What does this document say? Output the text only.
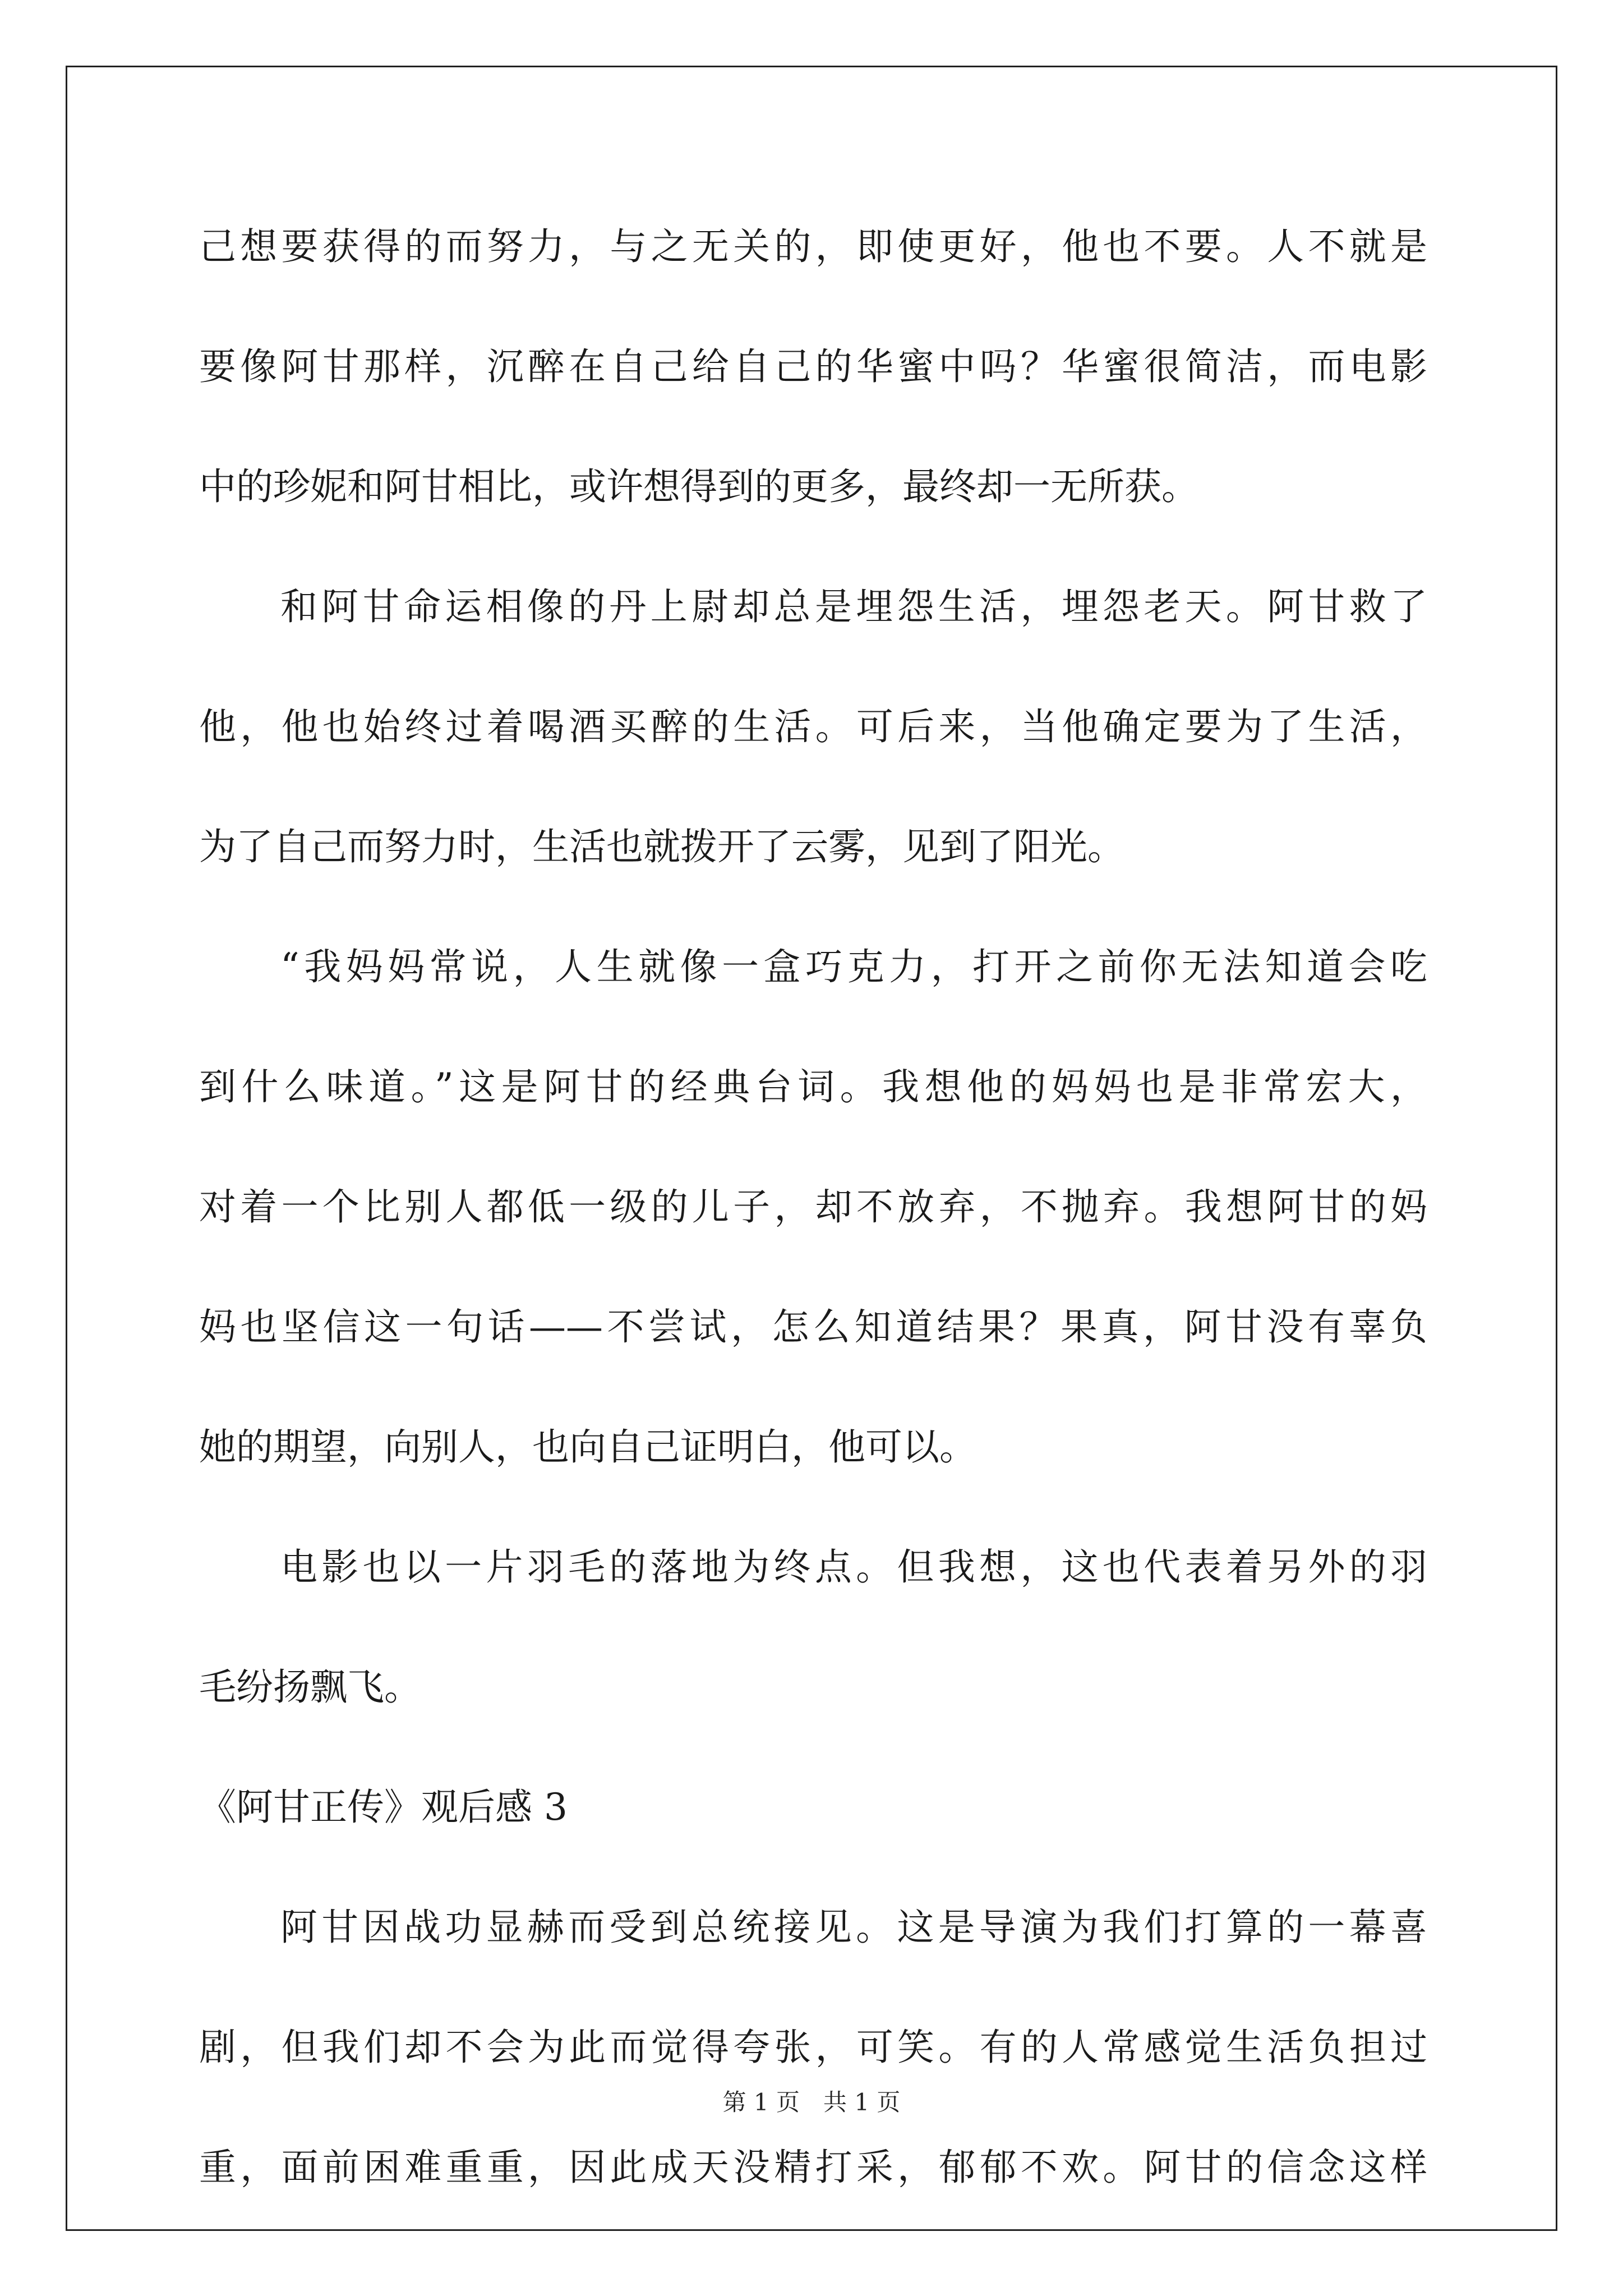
己想要获得的而努力，与之无关的，即使更好，他也不要。人不就是
要像阿甘那样，沉醉在自己给自己的华蜜中吗？华蜜很简洁，而电影
中的珍妮和阿甘相比，或许想得到的更多，最终却一无所获。
和阿甘命运相像的丹上尉却总是埋怨生活，埋怨老天。阿甘救了
他，他也始终过着喝酒买醉的生活。可后来，当他确定要为了生活，
为了自己而努力时，生活也就拨开了云雾，见到了阳光。
“我妈妈常说，人生就像一盒巧克力，打开之前你无法知道会吃
到什么味道。”这是阿甘的经典台词。我想他的妈妈也是非常宏大，
对着一个比别人都低一级的儿子，却不放弃，不抛弃。我想阿甘的妈
妈也坚信这一句话——不尝试，怎么知道结果？果真，阿甘没有辜负
她的期望，向别人，也向自己证明白，他可以。
电影也以一片羽毛的落地为终点。但我想，这也代表着另外的羽
毛纷扬飘飞。
《阿甘正传》观后感 3
阿甘因战功显赫而受到总统接见。这是导演为我们打算的一幕喜
剧，但我们却不会为此而觉得夸张，可笑。有的人常感觉生活负担过
重，面前困难重重，因此成天没精打采，郁郁不欢。阿甘的信念这样
第 1 页　共 1 页
